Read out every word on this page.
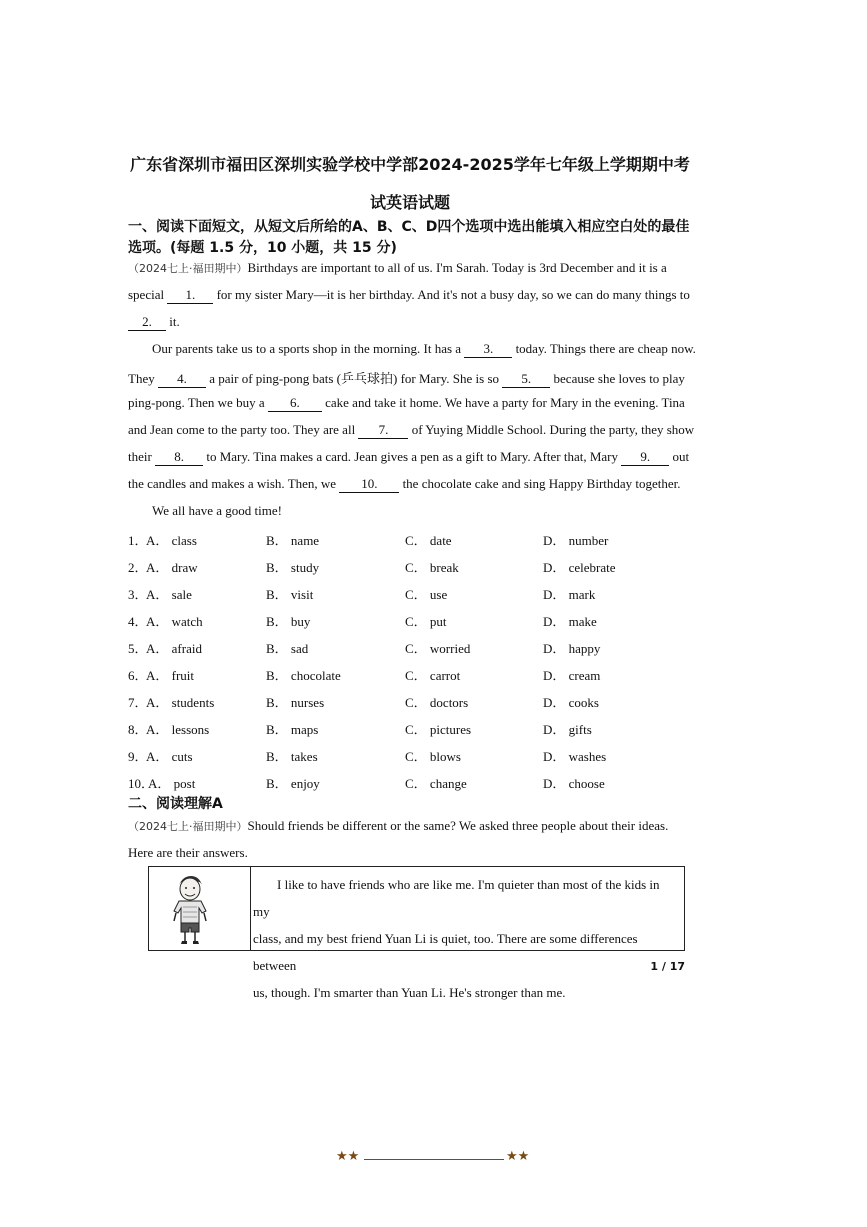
广东省深圳市福田区深圳实验学校中学部2024-2025学年七年级上学期期中考
试英语试题
一、阅读下面短文，从短文后所给的A、B、C、D四个选项中选出能填入相应空白处的最佳
选项。(每题 1.5 分，10 小题，共 15 分)
（2024七上·福田期中）Birthdays are important to all of us. I'm Sarah. Today is 3rd December and it is a
special 1. for my sister Mary—it is her birthday. And it's not a busy day, so we can do many things to
2. it.
Our parents take us to a sports shop in the morning. It has a 3. today. Things there are cheap now.
They 4. a pair of ping-pong bats (乒乓球拍) for Mary. She is so 5. because she loves to play
ping-pong. Then we buy a 6. cake and take it home. We have a party for Mary in the evening. Tina
and Jean come to the party too. They are all 7. of Yuying Middle School. During the party, they show
their 8. to Mary. Tina makes a card. Jean gives a pen as a gift to Mary. After that, Mary 9. out
the candles and makes a wish. Then, we 10. the chocolate cake and sing Happy Birthday together.
We all have a good time!
1．
A． class	B． name	C． date	D． number
2．
A． draw	B． study	C． break	D． celebrate
3．
A． sale	B． visit	C． use	D． mark
4．
A． watch	B． buy	C． put	D． make
5．
A． afraid	B． sad	C． worried	D． happy
6．
A． fruit	B． chocolate	C． carrot	D． cream
7．
A． students	B． nurses	C． doctors	D． cooks
8．
A． lessons	B． maps	C． pictures	D． gifts
9．
A． cuts	B． takes	C． blows	D． washes
10．
A． post	B． enjoy	C． change	D． choose
二、阅读理解A
（2024七上·福田期中）Should friends be different or the same? We asked three people about their ideas.
Here are their answers.
I like to have friends who are like me. I'm quieter than most of the kids in my
class, and my best friend Yuan Li is quiet, too. There are some differences between
us, though. I'm smarter than Yuan Li. He's stronger than me.
1 / 17
★★	★★
